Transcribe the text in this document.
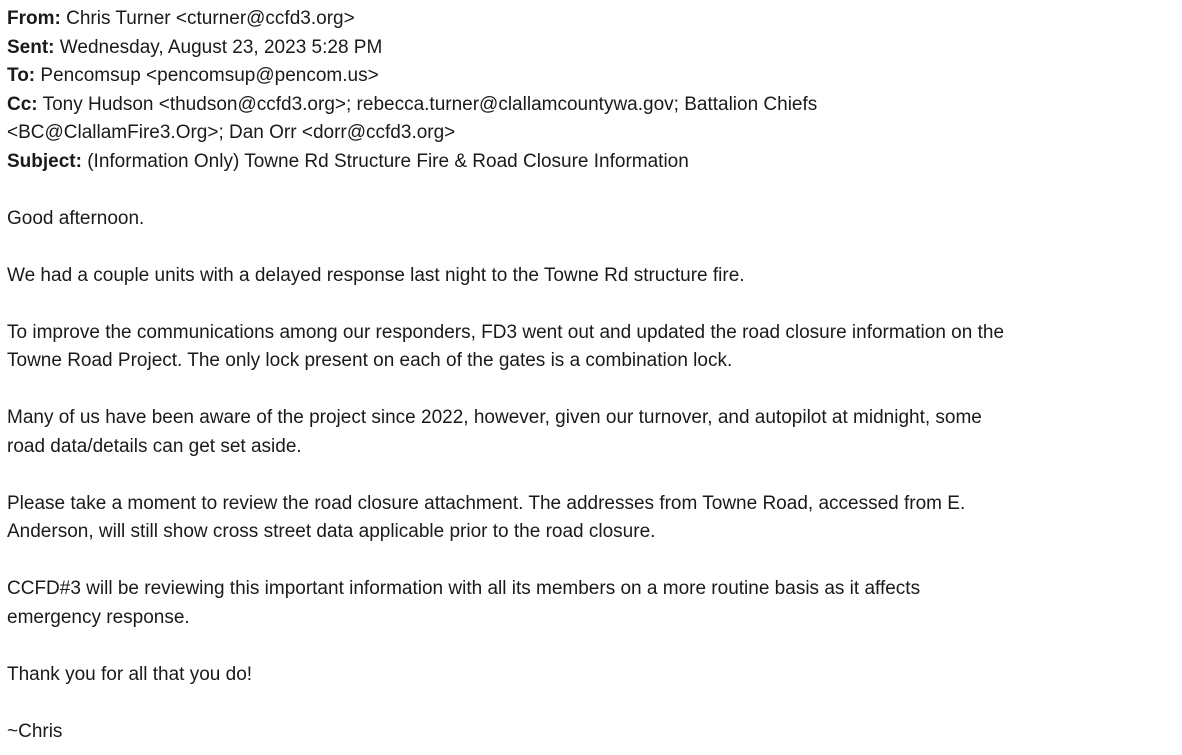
From: Chris Turner <cturner@ccfd3.org>
Sent: Wednesday, August 23, 2023 5:28 PM
To: Pencomsup <pencomsup@pencom.us>
Cc: Tony Hudson <thudson@ccfd3.org>; rebecca.turner@clallamcountywa.gov; Battalion Chiefs
<BC@ClallamFire3.Org>; Dan Orr <dorr@ccfd3.org>
Subject: (Information Only) Towne Rd Structure Fire & Road Closure Information
Good afternoon.
We had a couple units with a delayed response last night to the Towne Rd structure fire.
To improve the communications among our responders, FD3 went out and updated the road closure information on the
Towne Road Project. The only lock present on each of the gates is a combination lock.
Many of us have been aware of the project since 2022, however, given our turnover, and autopilot at midnight, some
road data/details can get set aside.
Please take a moment to review the road closure attachment. The addresses from Towne Road, accessed from E.
Anderson, will still show cross street data applicable prior to the road closure.
CCFD#3 will be reviewing this important information with all its members on a more routine basis as it affects
emergency response.
Thank you for all that you do!
~Chris
